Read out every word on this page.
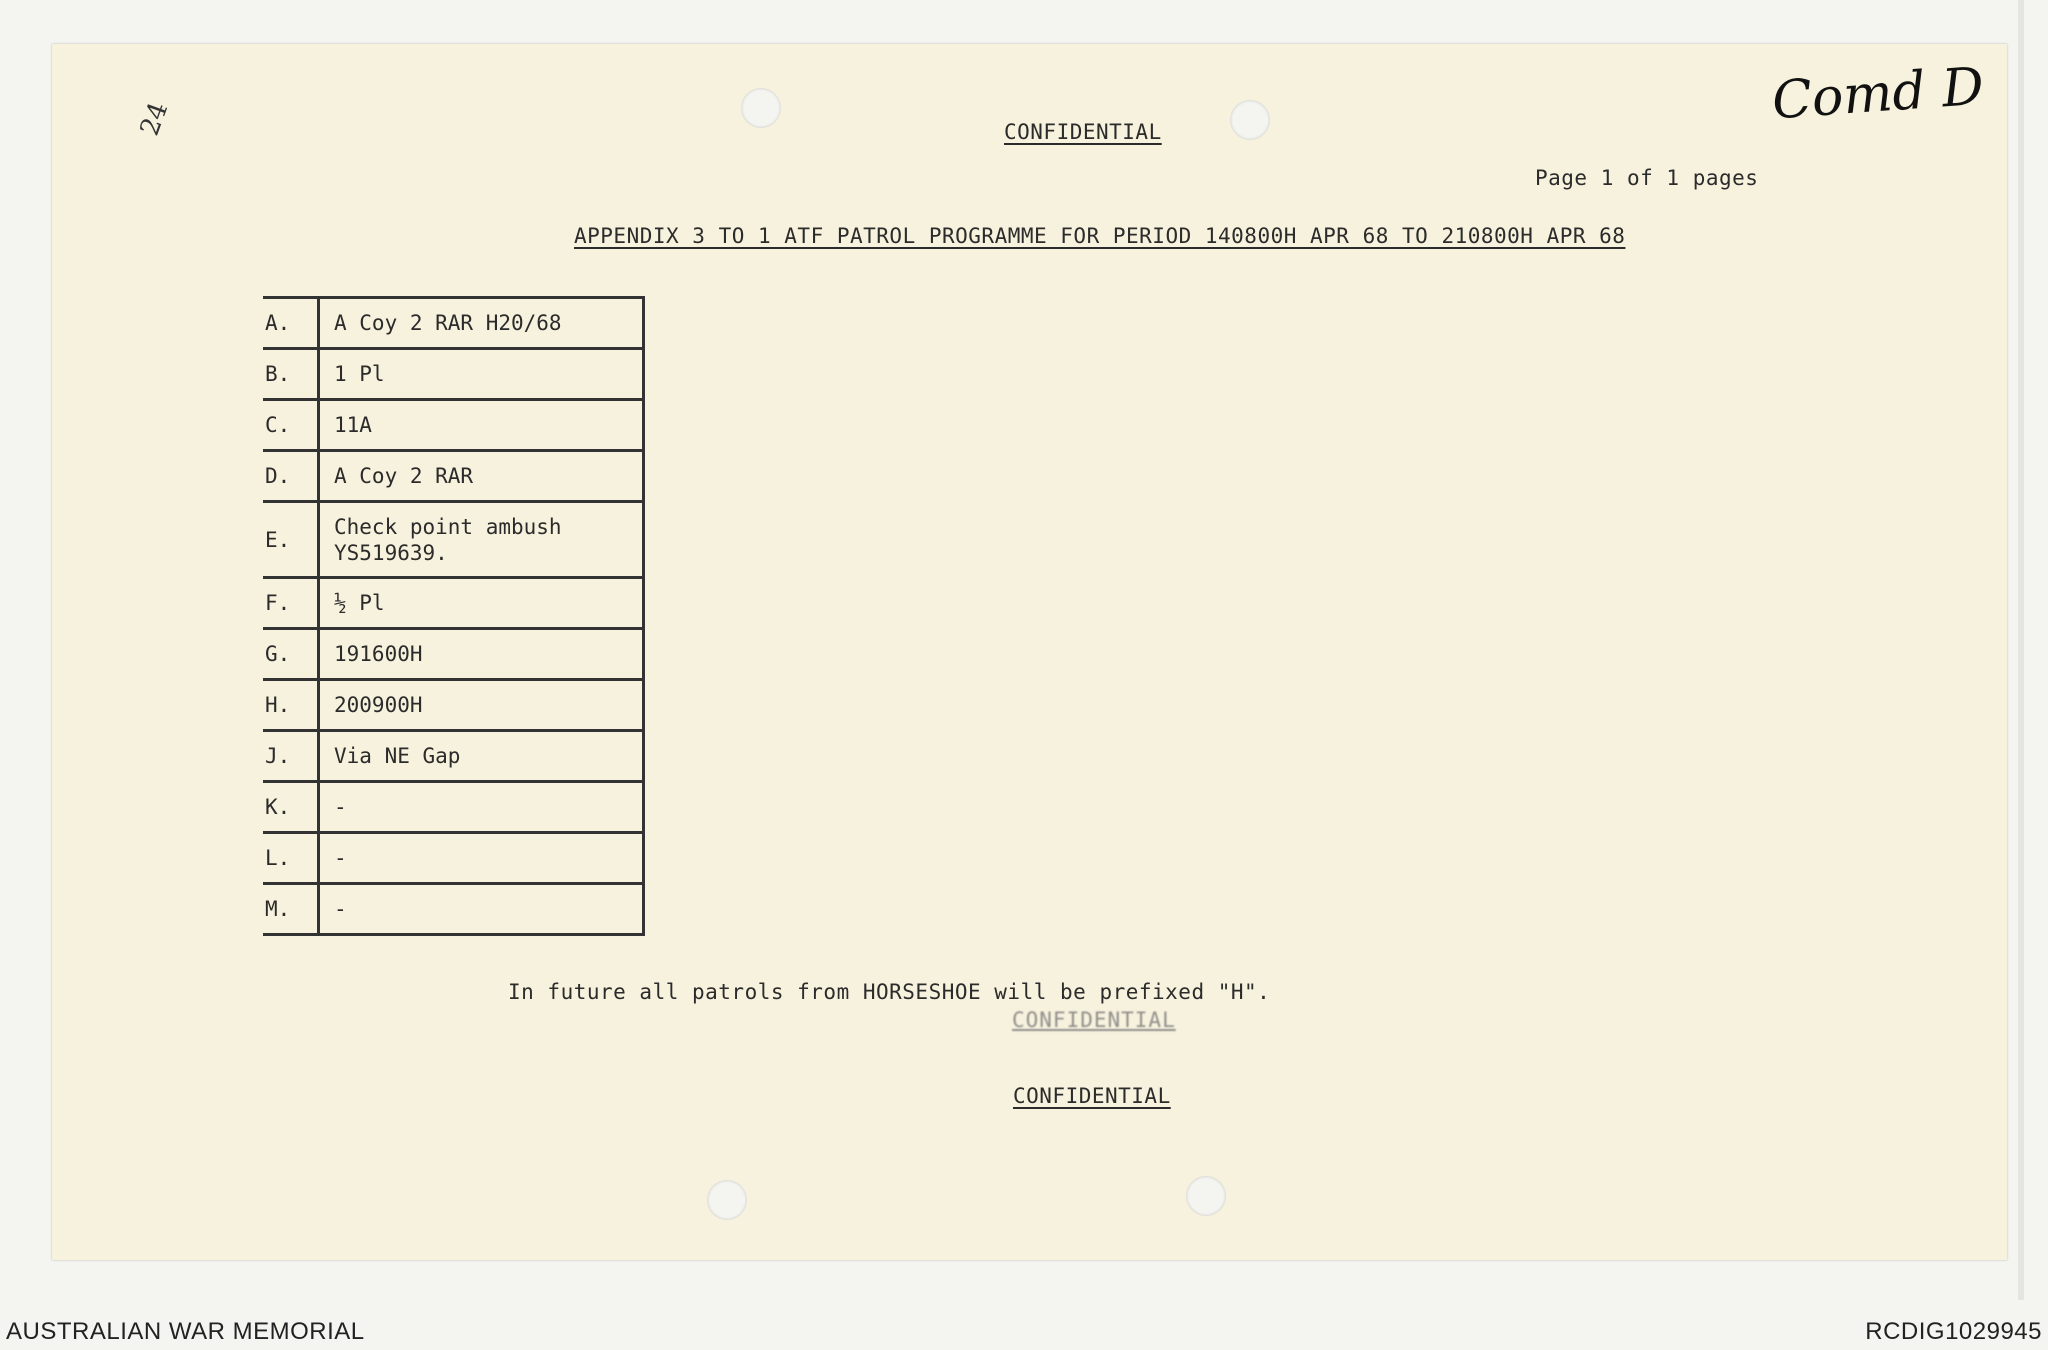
24	Comd D
CONFIDENTIAL
Page 1 of 1 pages
APPENDIX 3 TO 1 ATF PATROL PROGRAMME FOR PERIOD 140800H APR 68 TO 210800H APR 68
A.	A Coy 2 RAR H20/68
B.	1 Pl
C.	11A
D.	A Coy 2 RAR
E.	Check point ambush
YS519639.
F.	½ Pl
G.	191600H
H.	200900H
J.	Via NE Gap
K.	-
L.	-
M.	-
In future all patrols from HORSESHOE will be prefixed "H".
CONFIDENTIAL
CONFIDENTIAL
AUSTRALIAN WAR MEMORIAL	RCDIG1029945
